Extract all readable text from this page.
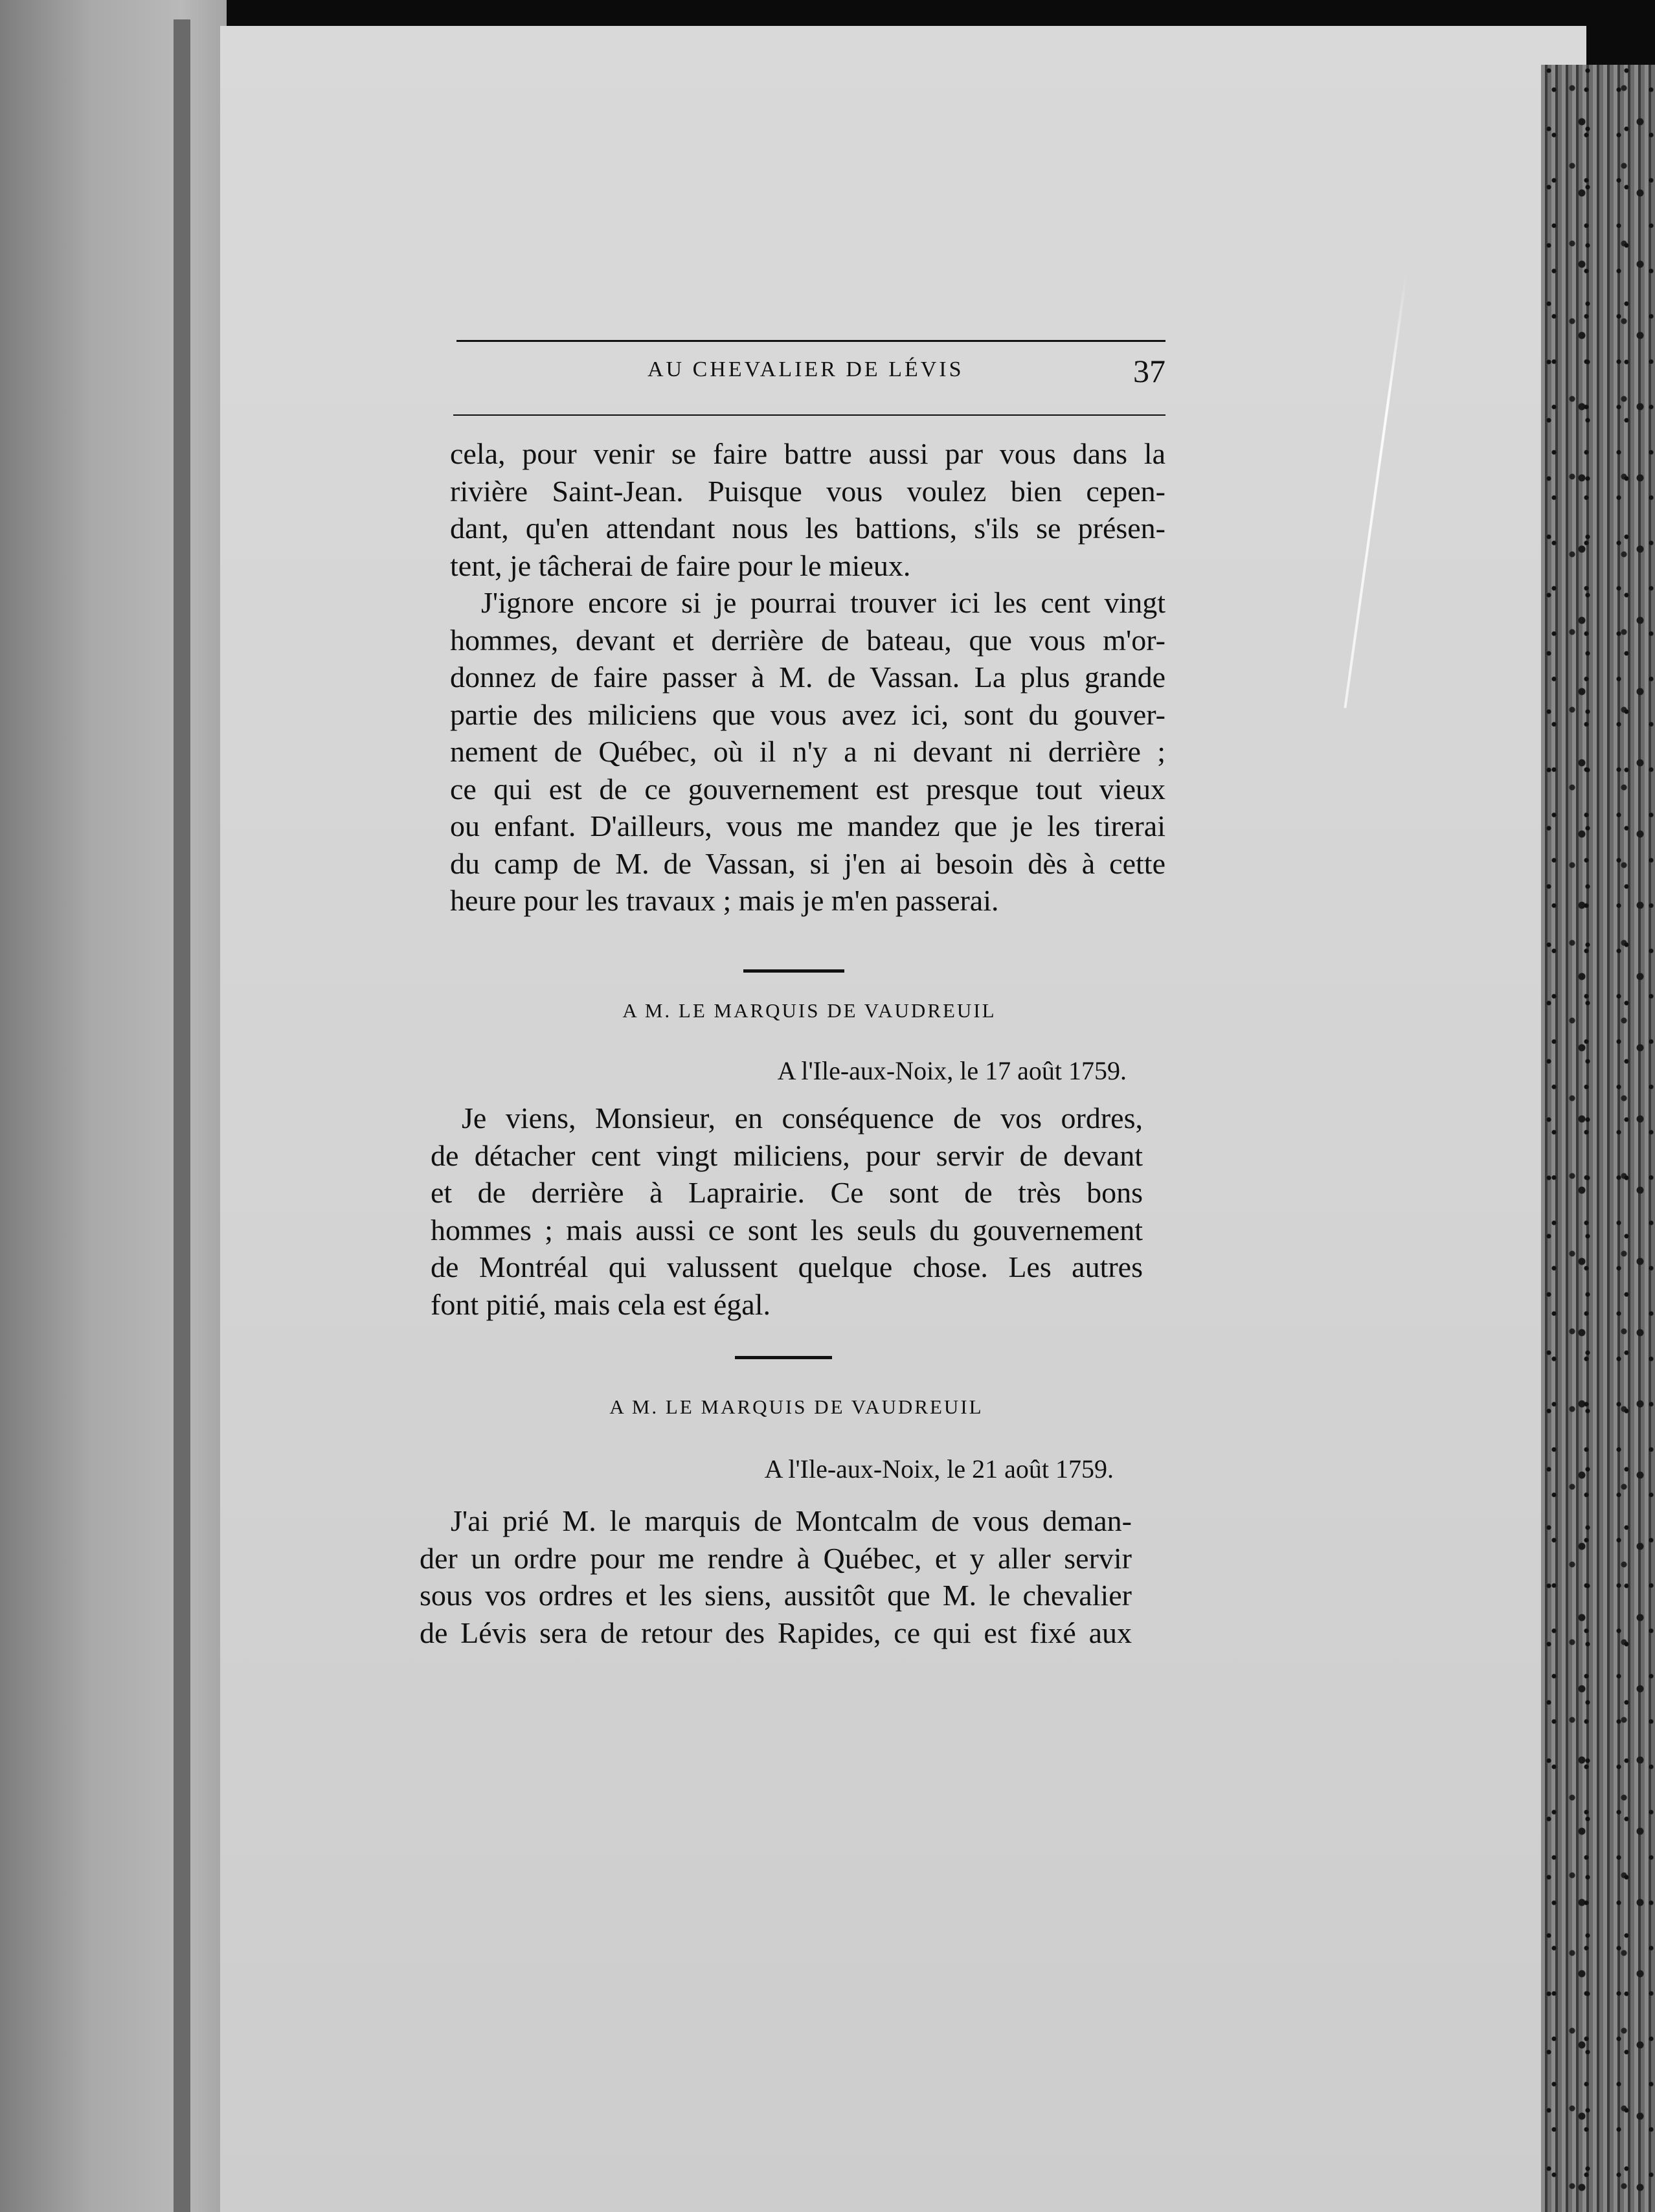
AU CHEVALIER DE LÉVIS	37

cela, pour venir se faire battre aussi par vous dans la

rivière Saint-Jean. Puisque vous voulez bien cepen-

dant, qu'en attendant nous les battions, s'ils se présen-

tent, je tâcherai de faire pour le mieux.

J'ignore encore si je pourrai trouver ici les cent vingt

hommes, devant et derrière de bateau, que vous m'or-

donnez de faire passer à M. de Vassan. La plus grande

partie des miliciens que vous avez ici, sont du gouver-

nement de Québec, où il n'y a ni devant ni derrière ;

ce qui est de ce gouvernement est presque tout vieux

ou enfant. D'ailleurs, vous me mandez que je les tirerai

du camp de M. de Vassan, si j'en ai besoin dès à cette

heure pour les travaux ; mais je m'en passerai.

A M. LE MARQUIS DE VAUDREUIL
A l'Ile-aux-Noix, le 17 août 1759.

Je viens, Monsieur, en conséquence de vos ordres,

de détacher cent vingt miliciens, pour servir de devant

et de derrière à Laprairie. Ce sont de très bons

hommes ; mais aussi ce sont les seuls du gouvernement

de Montréal qui valussent quelque chose. Les autres

font pitié, mais cela est égal.

A M. LE MARQUIS DE VAUDREUIL
A l'Ile-aux-Noix, le 21 août 1759.

J'ai prié M. le marquis de Montcalm de vous deman-

der un ordre pour me rendre à Québec, et y aller servir

sous vos ordres et les siens, aussitôt que M. le chevalier

de Lévis sera de retour des Rapides, ce qui est fixé aux
